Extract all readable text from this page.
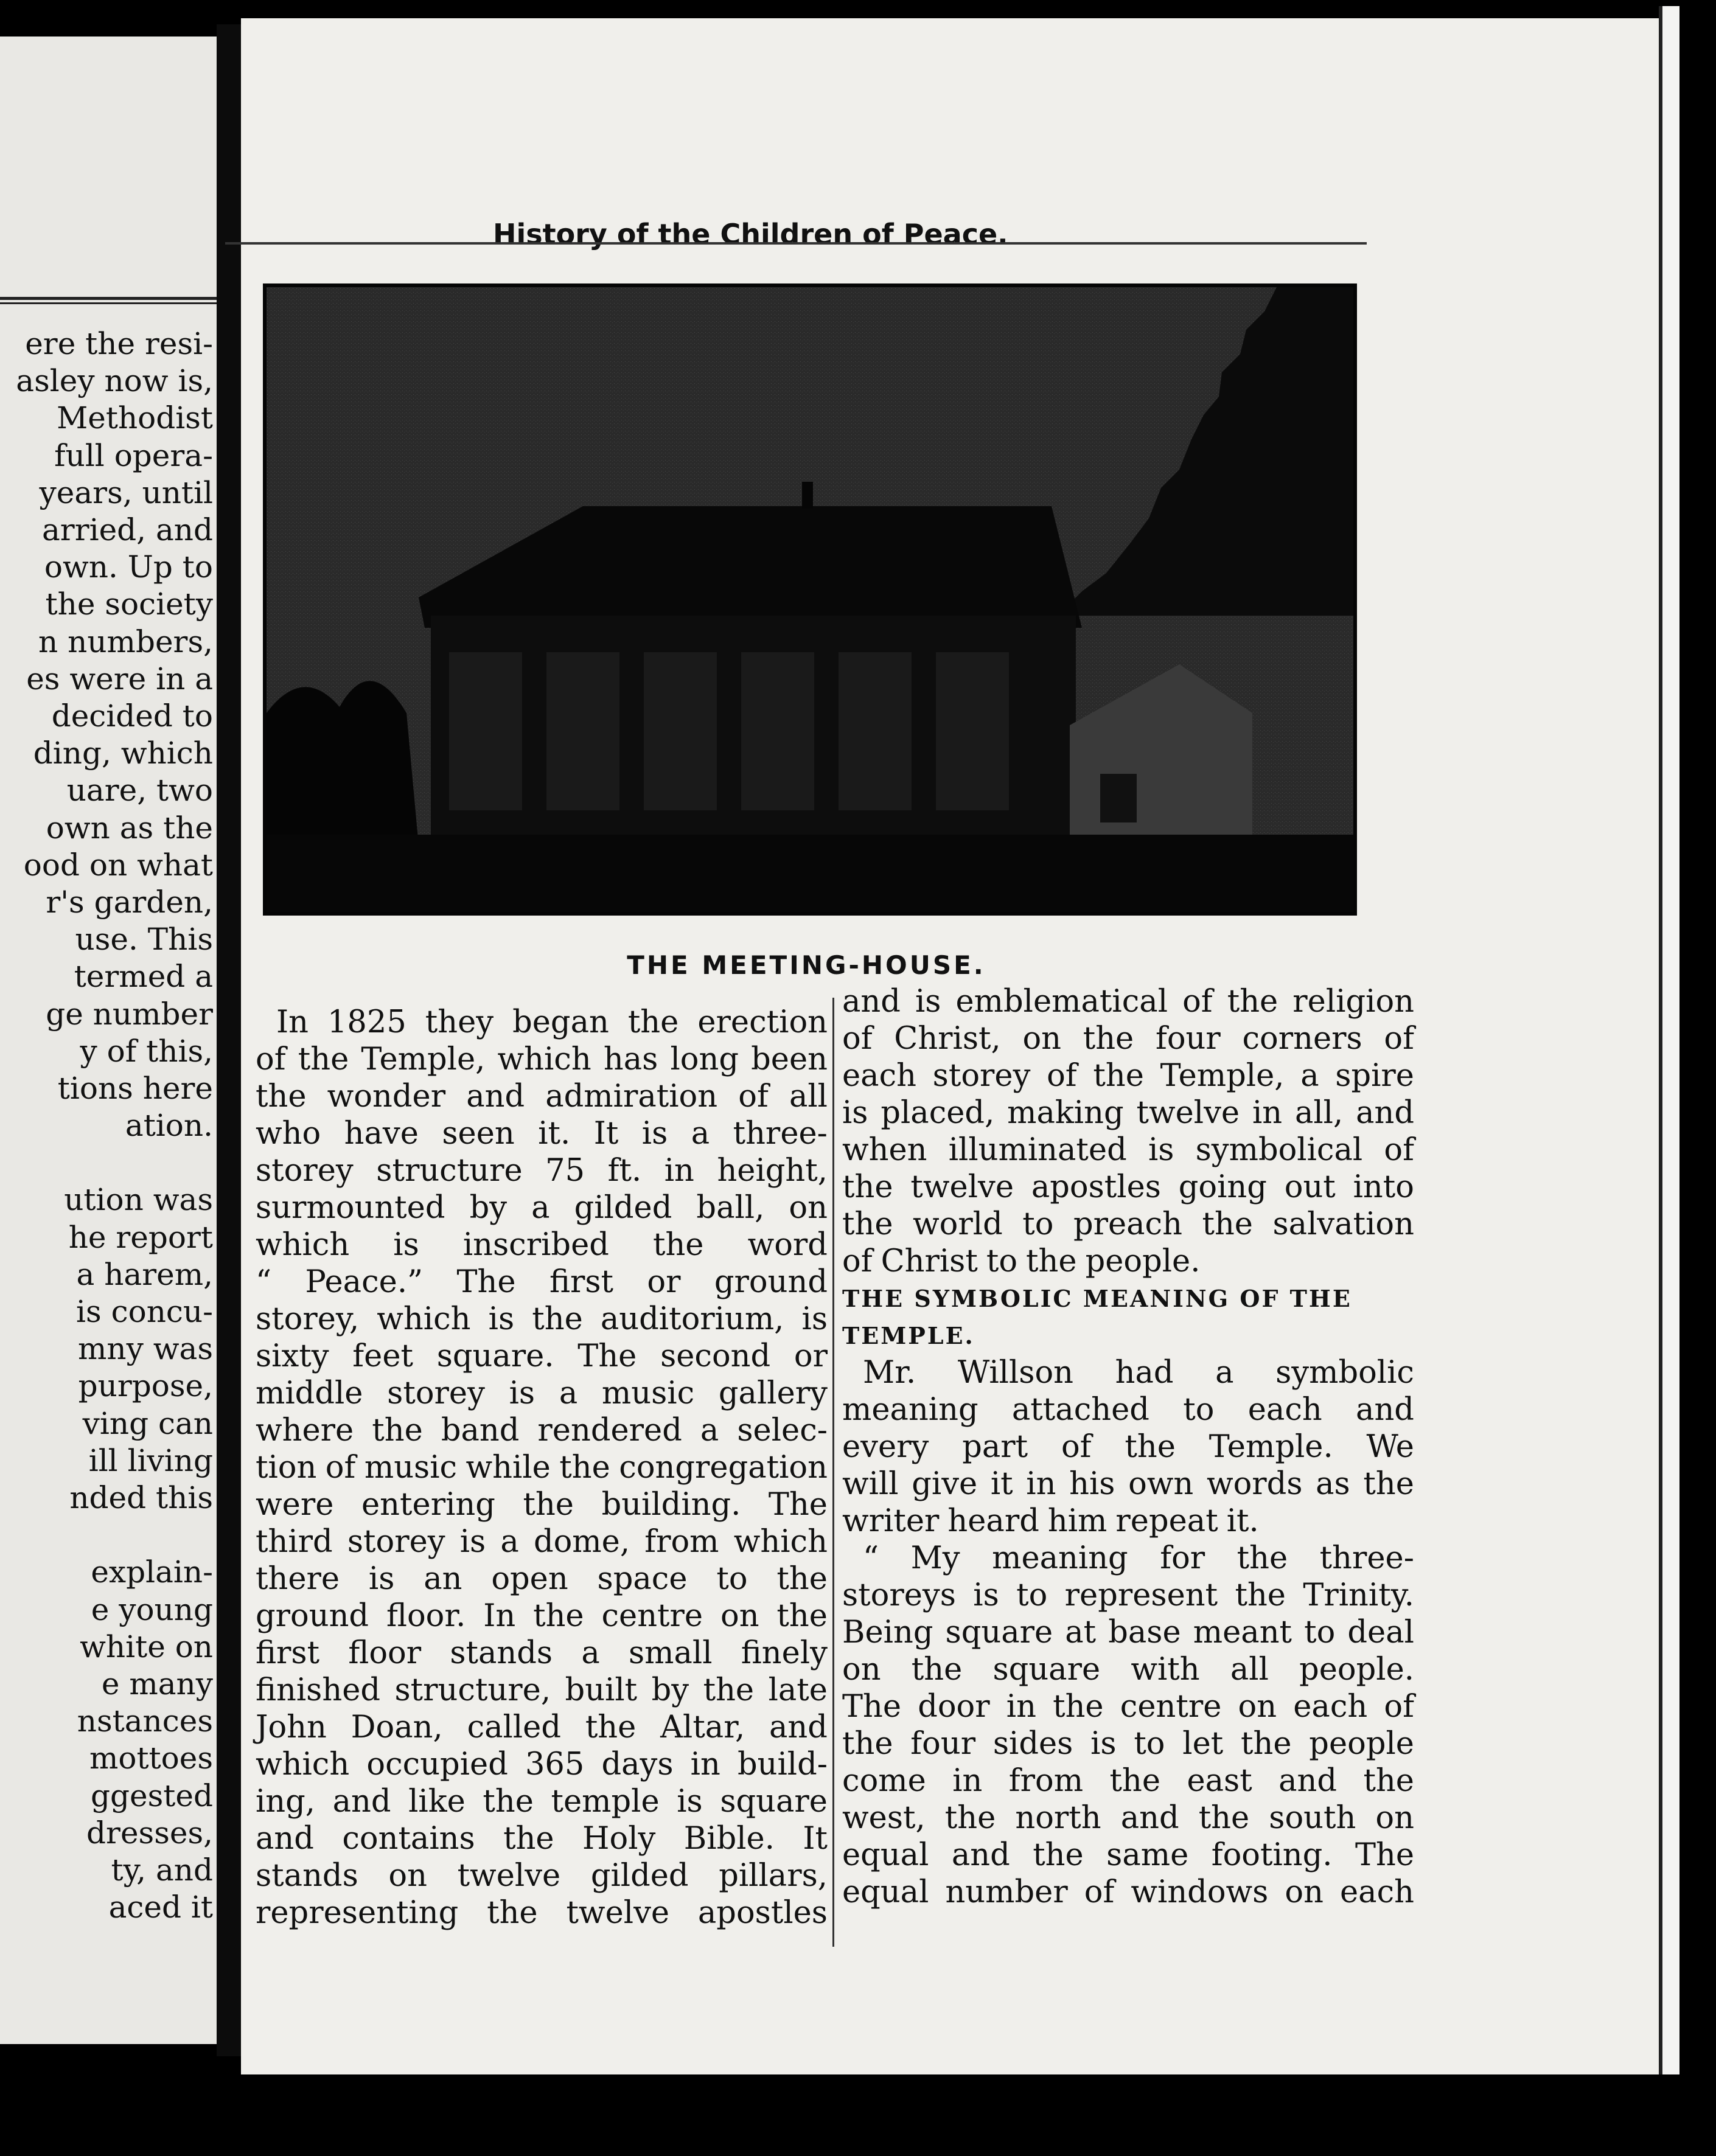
ere the resi-
asley now is,
Methodist
full opera-
years, until
arried, and
own. Up to
the society
n numbers,
es were in a
decided to
ding, which
uare, two
own as the
ood on what
r's garden,
use. This
termed a
ge number
y of this,
tions here
ation.
ution was
he report
a harem,
is concu-
mny was
purpose,
ving can
ill living
nded this
explain-
e young
white on
e many
nstances
mottoes
ggested
dresses,
ty, and
aced it
History of the Children of Peace.
THE MEETING-HOUSE.
In 1825 they began the erection
of the Temple, which has long been
the wonder and admiration of all
who have seen it. It is a three-
storey structure 75 ft. in height,
surmounted by a gilded ball, on
which is inscribed the word
“ Peace.” The first or ground
storey, which is the auditorium, is
sixty feet square. The second or
middle storey is a music gallery
where the band rendered a selec-
tion of music while the congregation
were entering the building. The
third storey is a dome, from which
there is an open space to the
ground floor. In the centre on the
first floor stands a small finely
finished structure, built by the late
John Doan, called the Altar, and
which occupied 365 days in build-
ing, and like the temple is square
and contains the Holy Bible. It
stands on twelve gilded pillars,
representing the twelve apostles
and is emblematical of the religion
of Christ, on the four corners of
each storey of the Temple, a spire
is placed, making twelve in all, and
when illuminated is symbolical of
the twelve apostles going out into
the world to preach the salvation
of Christ to the people.
THE SYMBOLIC MEANING OF THE
TEMPLE.
Mr. Willson had a symbolic
meaning attached to each and
every part of the Temple. We
will give it in his own words as the
writer heard him repeat it.
“ My meaning for the three-
storeys is to represent the Trinity.
Being square at base meant to deal
on the square with all people.
The door in the centre on each of
the four sides is to let the people
come in from the east and the
west, the north and the south on
equal and the same footing. The
equal number of windows on each
